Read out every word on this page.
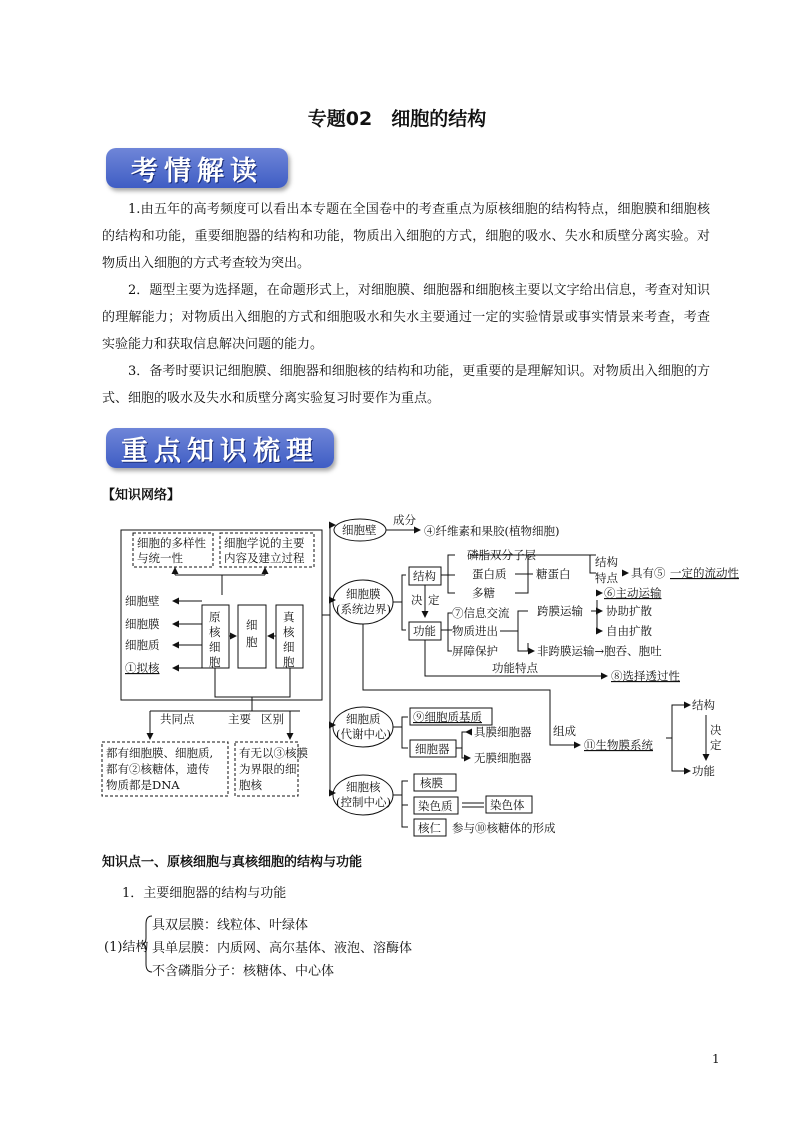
专题02　细胞的结构
考情解读
1.由五年的高考频度可以看出本专题在全国卷中的考查重点为原核细胞的结构特点，细胞膜和细胞核的结构和功能，重要细胞器的结构和功能，物质出入细胞的方式，细胞的吸水、失水和质壁分离实验。对物质出入细胞的方式考查较为突出。
2．题型主要为选择题，在命题形式上，对细胞膜、细胞器和细胞核主要以文字给出信息，考查对知识的理解能力；对物质出入细胞的方式和细胞吸水和失水主要通过一定的实验情景或事实情景来考查，考查实验能力和获取信息解决问题的能力。
3．备考时要识记细胞膜、细胞器和细胞核的结构和功能，更重要的是理解知识。对物质出入细胞的方式、细胞的吸水及失水和质壁分离实验复习时要作为重点。
重点知识梳理
【知识网络】
细胞的多样性
与统一性
细胞学说的主要
内容及建立过程
细胞壁
细胞膜
细胞质
①拟核
原
核
细
胞
细
胞
真
核
细
胞
共同点	主要 区别
都有细胞膜、细胞质,
都有②核糖体，遗传
物质都是DNA
有无以③核膜
为界限的细
胞核
细胞壁
成分
④纤维素和果胶(植物细胞)
细胞膜
(系统边界)
结构
功能
决 定
磷脂双分子层
蛋白质
多糖
糖蛋白
结构
特点 具有⑤ 一定的流动性
⑦信息交流
物质进出
屏障保护
跨膜运输
⑥主动运输
协助扩散
自由扩散
非跨膜运输→胞吞、胞吐
功能特点
⑧选择透过性
细胞质
(代谢中心)
⑨细胞质基质
细胞器
具膜细胞器
无膜细胞器
组成
⑪生物膜系统
结构
决
定
功能
细胞核
(控制中心)
核膜
染色质	染色体
核仁 参与⑩核糖体的形成
知识点一、原核细胞与真核细胞的结构与功能
1．主要细胞器的结构与功能
(1)结构
具双层膜：线粒体、叶绿体
具单层膜：内质网、高尔基体、液泡、溶酶体
不含磷脂分子：核糖体、中心体
1
